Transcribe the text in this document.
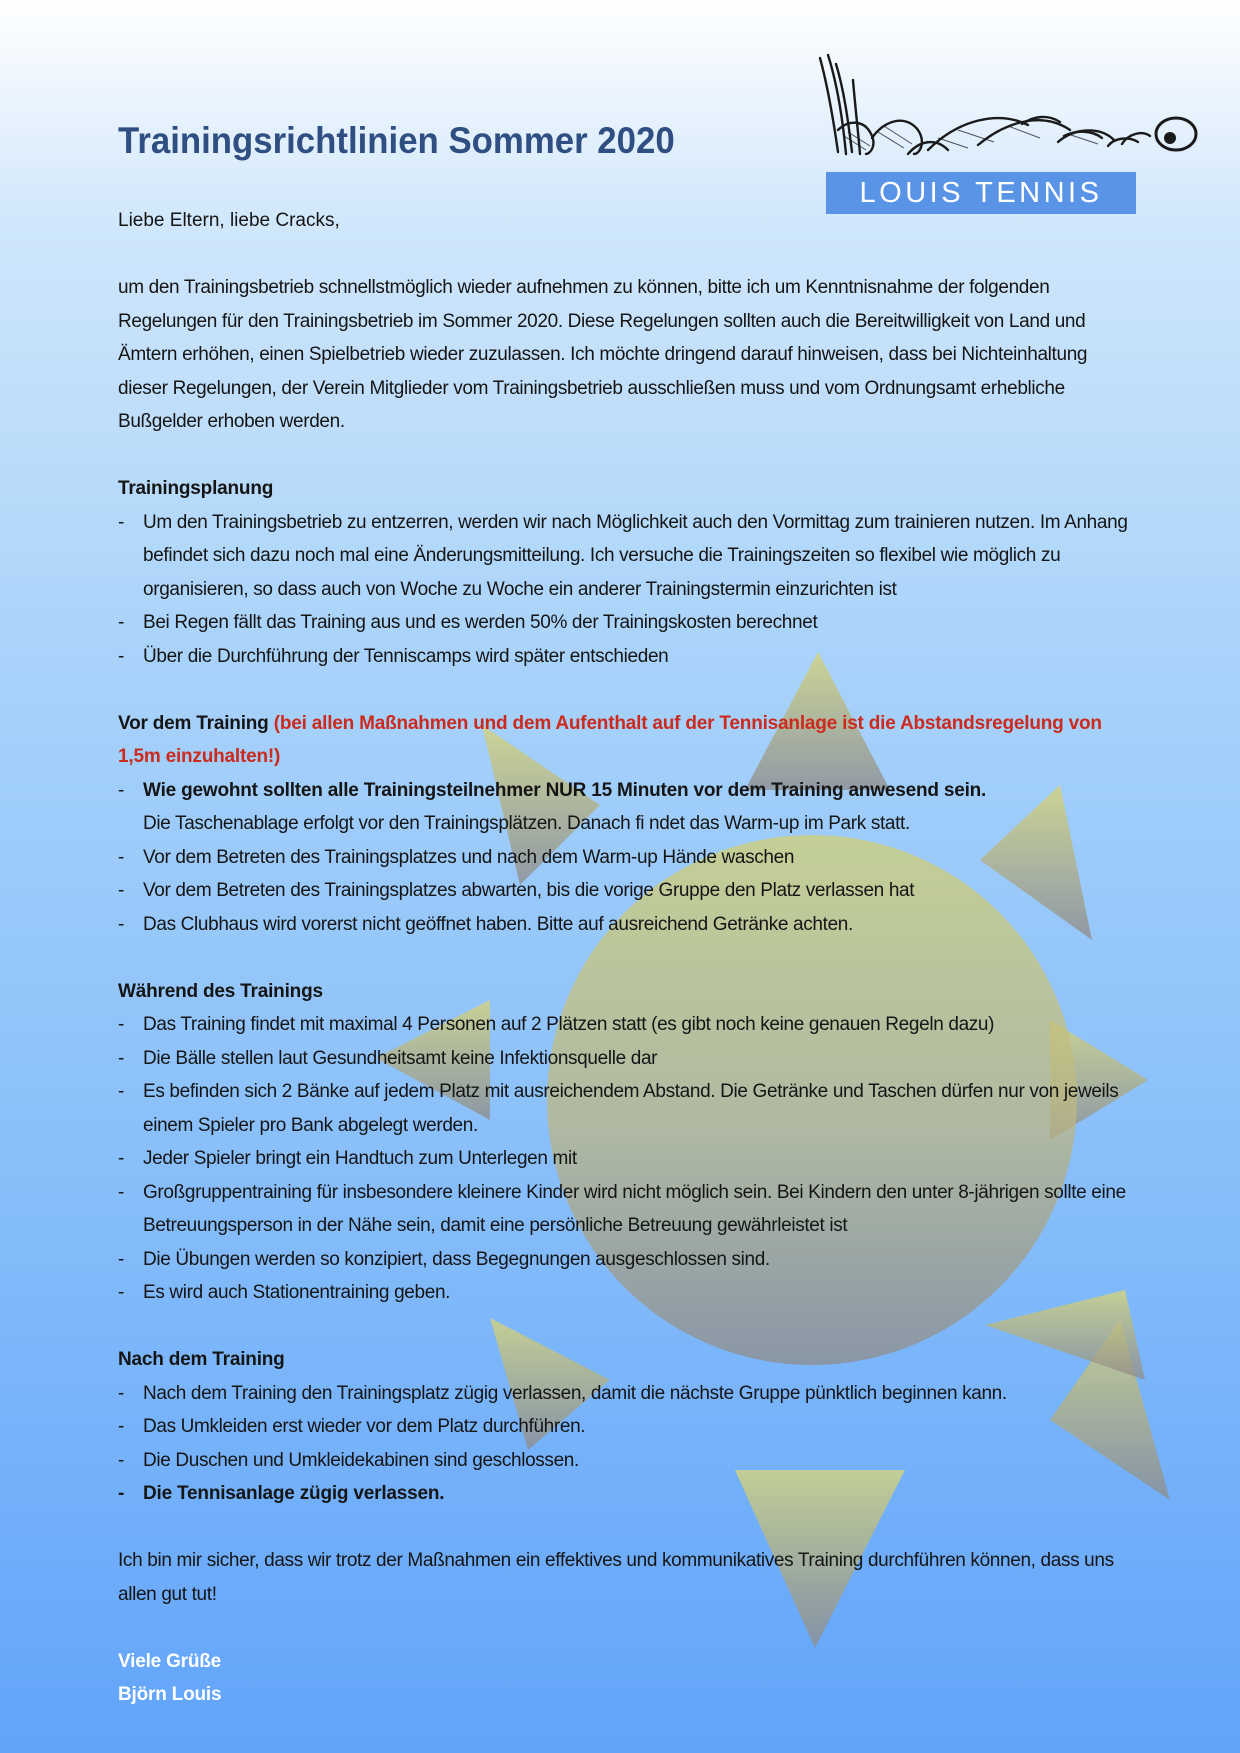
LOUIS TENNIS
Trainingsrichtlinien Sommer 2020

Liebe Eltern, liebe Cracks,

um den Trainingsbetrieb schnellstmöglich wieder aufnehmen zu können, bitte ich um Kenntnisnahme der folgenden Regelungen für den Trainingsbetrieb im Sommer 2020. Diese Regelungen sollten auch die Bereitwilligkeit von Land und Ämtern erhöhen, einen Spielbetrieb wieder zuzulassen. Ich möchte dringend darauf hinweisen, dass bei Nichteinhaltung dieser Regelungen, der Verein Mitglieder vom Trainingsbetrieb ausschließen muss und vom Ordnungsamt erhebliche Bußgelder erhoben werden.

Trainingsplanung

- Um den Trainingsbetrieb zu entzerren, werden wir nach Möglichkeit auch den Vormittag zum trainieren nutzen. Im Anhang befindet sich dazu noch mal eine Änderungsmitteilung. Ich versuche die Trainingszeiten so flexibel wie möglich zu organisieren, so dass auch von Woche zu Woche ein anderer Trainingstermin einzurichten ist
- Bei Regen fällt das Training aus und es werden 50% der Trainingskosten berechnet
- Über die Durchführung der Tenniscamps wird später entschieden

Vor dem Training (bei allen Maßnahmen und dem Aufenthalt auf der Tennisanlage ist die Abstandsregelung von 1,5m einzuhalten!)

- Wie gewohnt sollten alle Trainingsteilnehmer NUR 15 Minuten vor dem Training anwesend sein.
Die Taschenablage erfolgt vor den Trainingsplätzen. Danach fi ndet das Warm-up im Park statt.
- Vor dem Betreten des Trainingsplatzes und nach dem Warm-up Hände waschen
- Vor dem Betreten des Trainingsplatzes abwarten, bis die vorige Gruppe den Platz verlassen hat
- Das Clubhaus wird vorerst nicht geöffnet haben. Bitte auf ausreichend Getränke achten.

Während des Trainings

- Das Training findet mit maximal 4 Personen auf 2 Plätzen statt (es gibt noch keine genauen Regeln dazu)
- Die Bälle stellen laut Gesundheitsamt keine Infektionsquelle dar
- Es befinden sich 2 Bänke auf jedem Platz mit ausreichendem Abstand. Die Getränke und Taschen dürfen nur von jeweils einem Spieler pro Bank abgelegt werden.
- Jeder Spieler bringt ein Handtuch zum Unterlegen mit
- Großgruppentraining für insbesondere kleinere Kinder wird nicht möglich sein. Bei Kindern den unter 8-jährigen sollte eine Betreuungsperson in der Nähe sein, damit eine persönliche Betreuung gewährleistet ist
- Die Übungen werden so konzipiert, dass Begegnungen ausgeschlossen sind.
- Es wird auch Stationentraining geben.

Nach dem Training

- Nach dem Training den Trainingsplatz zügig verlassen, damit die nächste Gruppe pünktlich beginnen kann.
- Das Umkleiden erst wieder vor dem Platz durchführen.
- Die Duschen und Umkleidekabinen sind geschlossen.
- Die Tennisanlage zügig verlassen.

Ich bin mir sicher, dass wir trotz der Maßnahmen ein effektives und kommunikatives Training durchführen können, dass uns allen gut tut!

Viele Grüße

Björn Louis
